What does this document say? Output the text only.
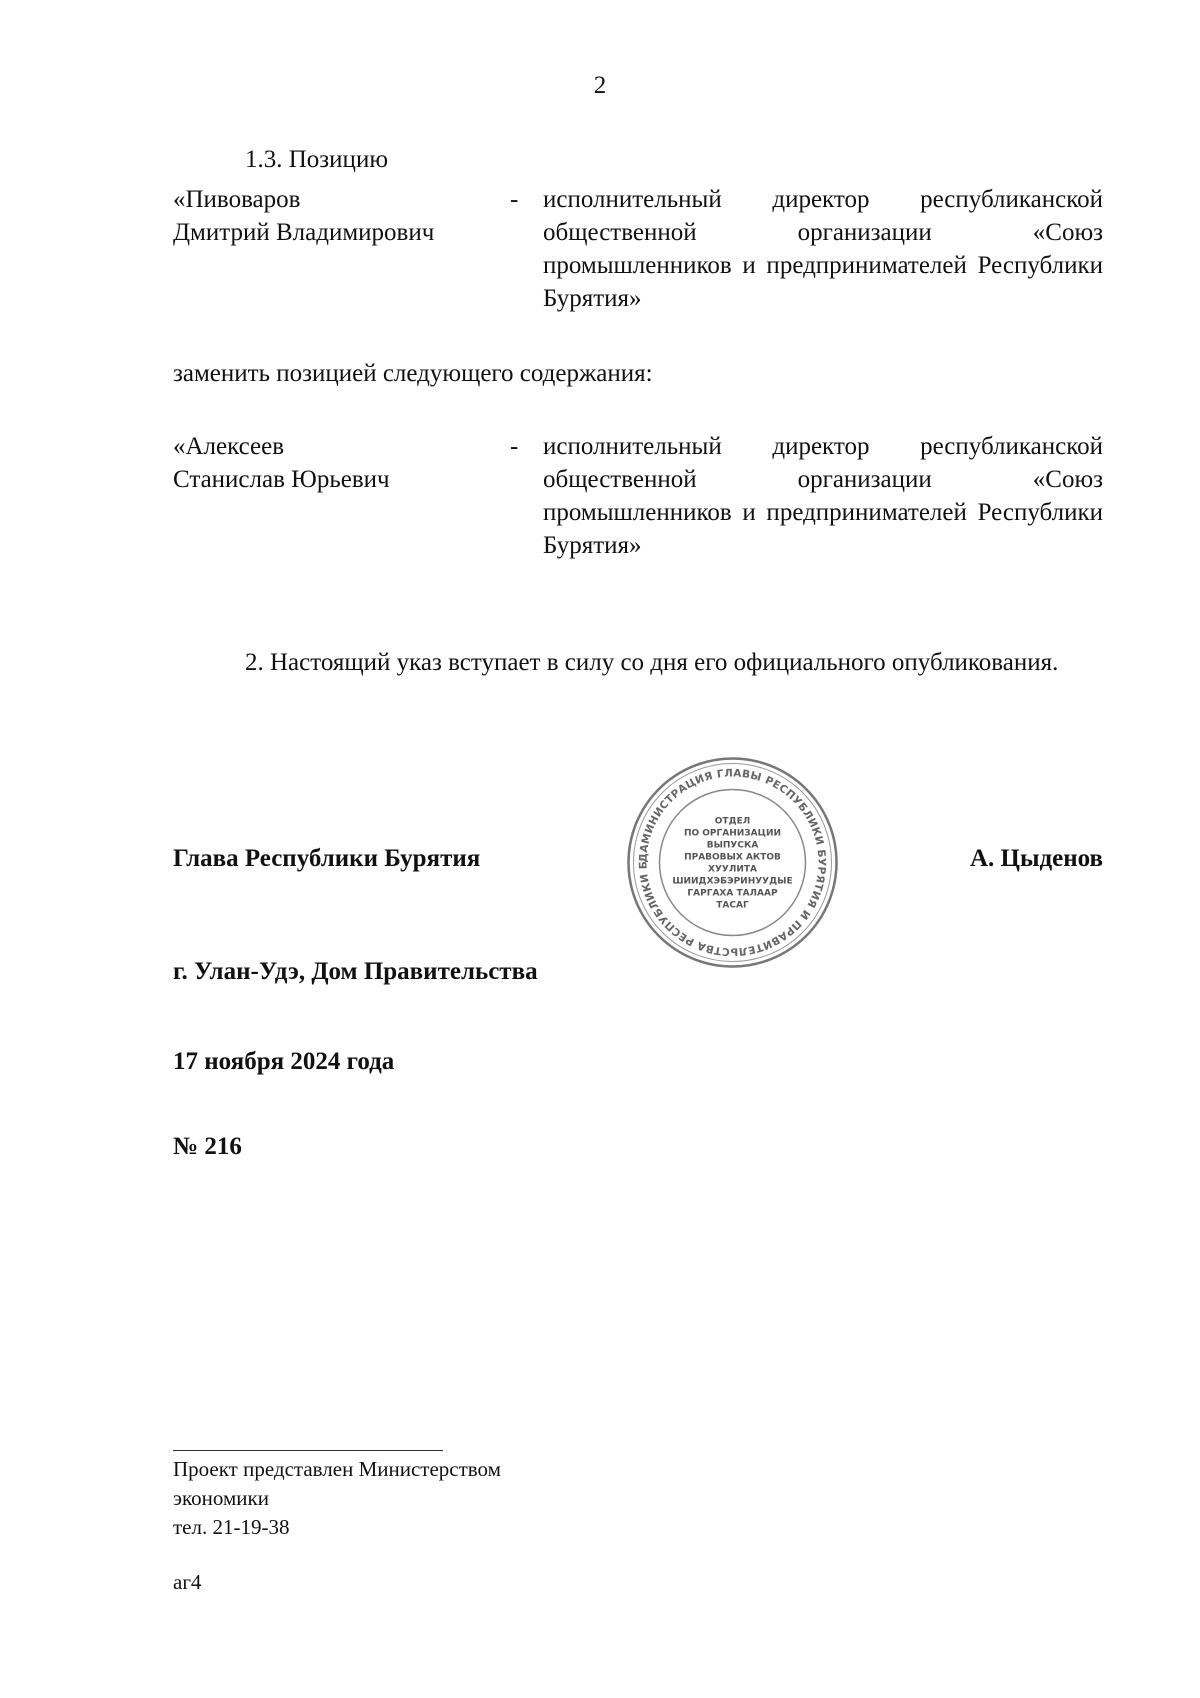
2
1.3. Позицию
«Пивоваров
Дмитрий Владимирович
- исполнительный директор республиканской общественной организации «Союз промышленников и предпринимателей Республики Бурятия»
заменить позицией следующего содержания:
«Алексеев
Станислав Юрьевич
- исполнительный директор республиканской общественной организации «Союз промышленников и предпринимателей Республики Бурятия»
2. Настоящий указ вступает в силу со дня его официального опубликования.
Глава Республики Бурятия	А. Цыденов
ДАМИНИСТРАЦИЯ ГЛАВЫ РЕСПУБЛИКИ БУРЯТИЯ И ПРАВИТЕЛЬСТВА РЕСПУБЛИКИ Б
ОТДЕЛ
ПО ОРГАНИЗАЦИИ
ВЫПУСКА
ПРАВОВЫХ АКТОВ
ХУУЛИТА
ШИИДХЭБЭРИНУУДЫЕ
ГАРГАХА ТАЛААР
ТАСАГ
г. Улан-Удэ, Дом Правительства
17 ноября 2024 года
№ 216
Проект представлен Министерством
экономики
тел. 21-19-38
аг4
